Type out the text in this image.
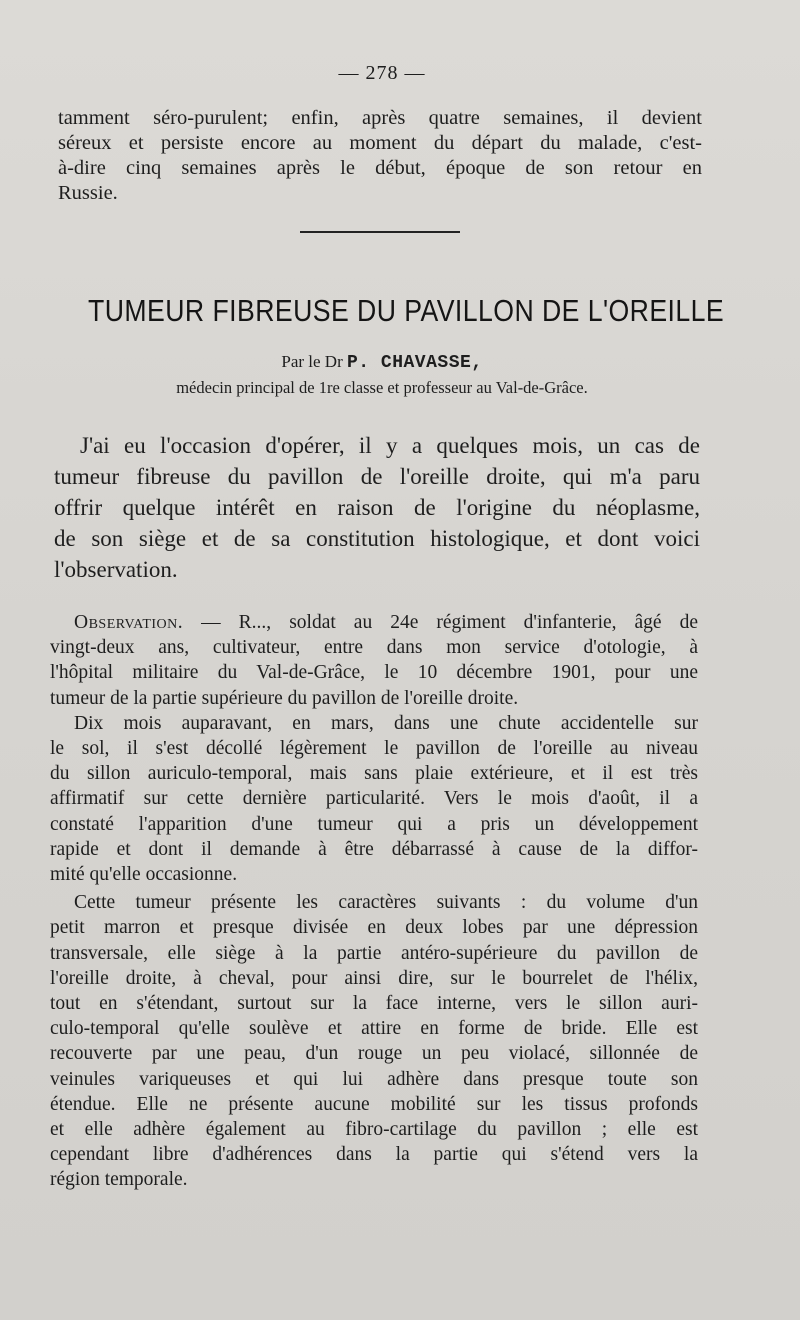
— 278 —
tamment séro-purulent; enfin, après quatre semaines, il devient
séreux et persiste encore au moment du départ du malade, c'est-
à-dire cinq semaines après le début, époque de son retour en
Russie.
TUMEUR FIBREUSE DU PAVILLON DE L'OREILLE
Par le Dr P. CHAVASSE,
médecin principal de 1re classe et professeur au Val-de-Grâce.
J'ai eu l'occasion d'opérer, il y a quelques mois, un cas de
tumeur fibreuse du pavillon de l'oreille droite, qui m'a paru
offrir quelque intérêt en raison de l'origine du néoplasme,
de son siège et de sa constitution histologique, et dont voici
l'observation.
Observation. — R..., soldat au 24e régiment d'infanterie, âgé de
vingt-deux ans, cultivateur, entre dans mon service d'otologie, à
l'hôpital militaire du Val-de-Grâce, le 10 décembre 1901, pour une
tumeur de la partie supérieure du pavillon de l'oreille droite.
Dix mois auparavant, en mars, dans une chute accidentelle sur
le sol, il s'est décollé légèrement le pavillon de l'oreille au niveau
du sillon auriculo-temporal, mais sans plaie extérieure, et il est très
affirmatif sur cette dernière particularité. Vers le mois d'août, il a
constaté l'apparition d'une tumeur qui a pris un développement
rapide et dont il demande à être débarrassé à cause de la diffor-
mité qu'elle occasionne.
Cette tumeur présente les caractères suivants : du volume d'un
petit marron et presque divisée en deux lobes par une dépression
transversale, elle siège à la partie antéro-supérieure du pavillon de
l'oreille droite, à cheval, pour ainsi dire, sur le bourrelet de l'hélix,
tout en s'étendant, surtout sur la face interne, vers le sillon auri-
culo-temporal qu'elle soulève et attire en forme de bride. Elle est
recouverte par une peau, d'un rouge un peu violacé, sillonnée de
veinules variqueuses et qui lui adhère dans presque toute son
étendue. Elle ne présente aucune mobilité sur les tissus profonds
et elle adhère également au fibro-cartilage du pavillon ; elle est
cependant libre d'adhérences dans la partie qui s'étend vers la
région temporale.
